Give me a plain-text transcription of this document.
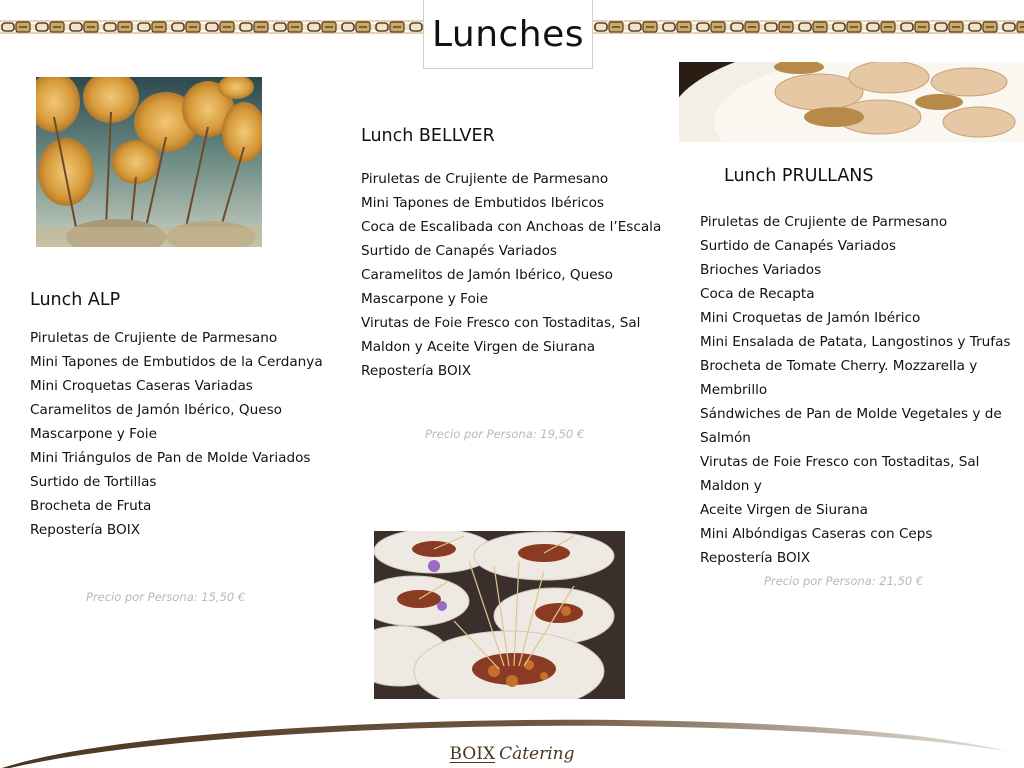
Lunches
Lunch ALP
Piruletas de Crujiente de Parmesano
Mini Tapones de Embutidos de la Cerdanya
Mini Croquetas Caseras Variadas
Caramelitos de Jamón Ibérico, Queso
Mascarpone y Foie
Mini Triángulos de Pan de Molde Variados
Surtido de Tortillas
Brocheta de Fruta
Repostería BOIX
Precio por Persona: 15,50 €
Lunch BELLVER
Piruletas de Crujiente de Parmesano
Mini Tapones de Embutidos Ibéricos
Coca de Escalibada con Anchoas de l’Escala
Surtido de Canapés Variados
Caramelitos de Jamón Ibérico, Queso
Mascarpone y Foie
Virutas de Foie Fresco con Tostaditas, Sal
Maldon y Aceite Virgen de Siurana
Repostería BOIX
Precio por Persona: 19,50 €
Lunch PRULLANS
Piruletas de Crujiente de Parmesano
Surtido de Canapés Variados
Brioches Variados
Coca de Recapta
Mini Croquetas de Jamón Ibérico
Mini Ensalada de Patata, Langostinos y Trufas
Brocheta de Tomate Cherry. Mozzarella y
Membrillo
Sándwiches de Pan de Molde Vegetales y de
Salmón
Virutas de Foie Fresco con Tostaditas, Sal Maldon y
Aceite Virgen de Siurana
Mini Albóndigas Caseras con Ceps
Repostería BOIX
Precio por Persona: 21,50 €
BOIX Càtering
